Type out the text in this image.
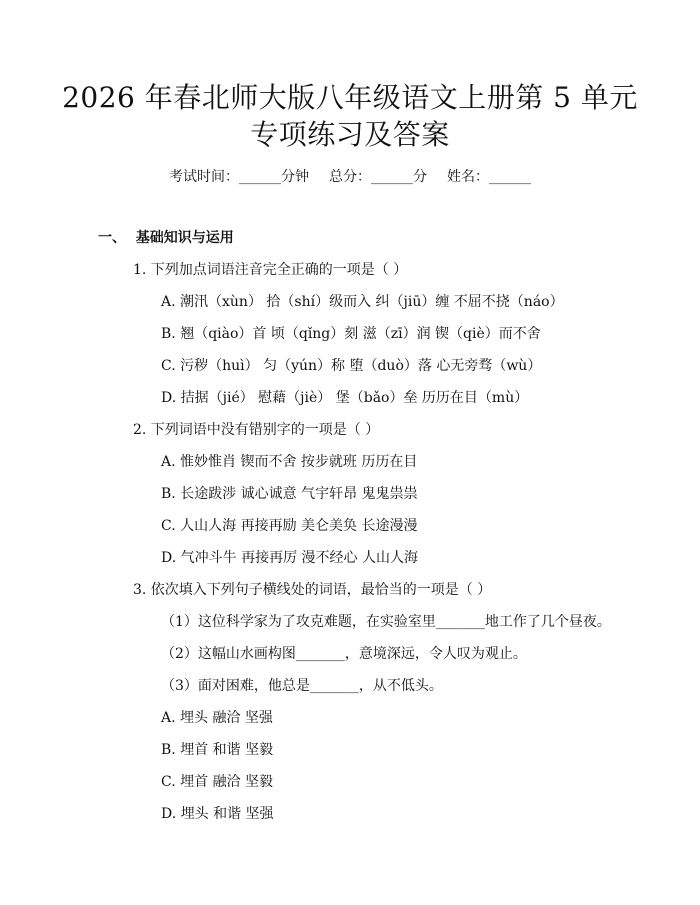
2026 年春北师大版八年级语文上册第 5 单元
专项练习及答案
考试时间：______分钟 总分：______分 姓名：______
一、  基础知识与运用
1. 下列加点词语注音完全正确的一项是（ ）
A. 潮汛（xùn） 拾（shí）级而入 纠（jiū）缠 不屈不挠（náo）
B. 翘（qiào）首 顷（qǐng）刻 滋（zī）润 锲（qiè）而不舍
C. 污秽（huì） 匀（yún）称 堕（duò）落 心无旁骛（wù）
D. 拮据（jié） 慰藉（jiè） 堡（bǎo）垒 历历在目（mù）
2. 下列词语中没有错别字的一项是（ ）
A. 惟妙惟肖 锲而不舍 按步就班 历历在目
B. 长途跋涉 诚心诚意 气宇轩昂 鬼鬼祟祟
C. 人山人海 再接再励 美仑美奂 长途漫漫
D. 气冲斗牛 再接再厉 漫不经心 人山人海
3. 依次填入下列句子横线处的词语，最恰当的一项是（ ）
（1）这位科学家为了攻克难题，在实验室里_______地工作了几个昼夜。
（2）这幅山水画构图_______，意境深远，令人叹为观止。
（3）面对困难，他总是_______，从不低头。
A. 埋头 融洽 坚强
B. 埋首 和谐 坚毅
C. 埋首 融洽 坚毅
D. 埋头 和谐 坚强
